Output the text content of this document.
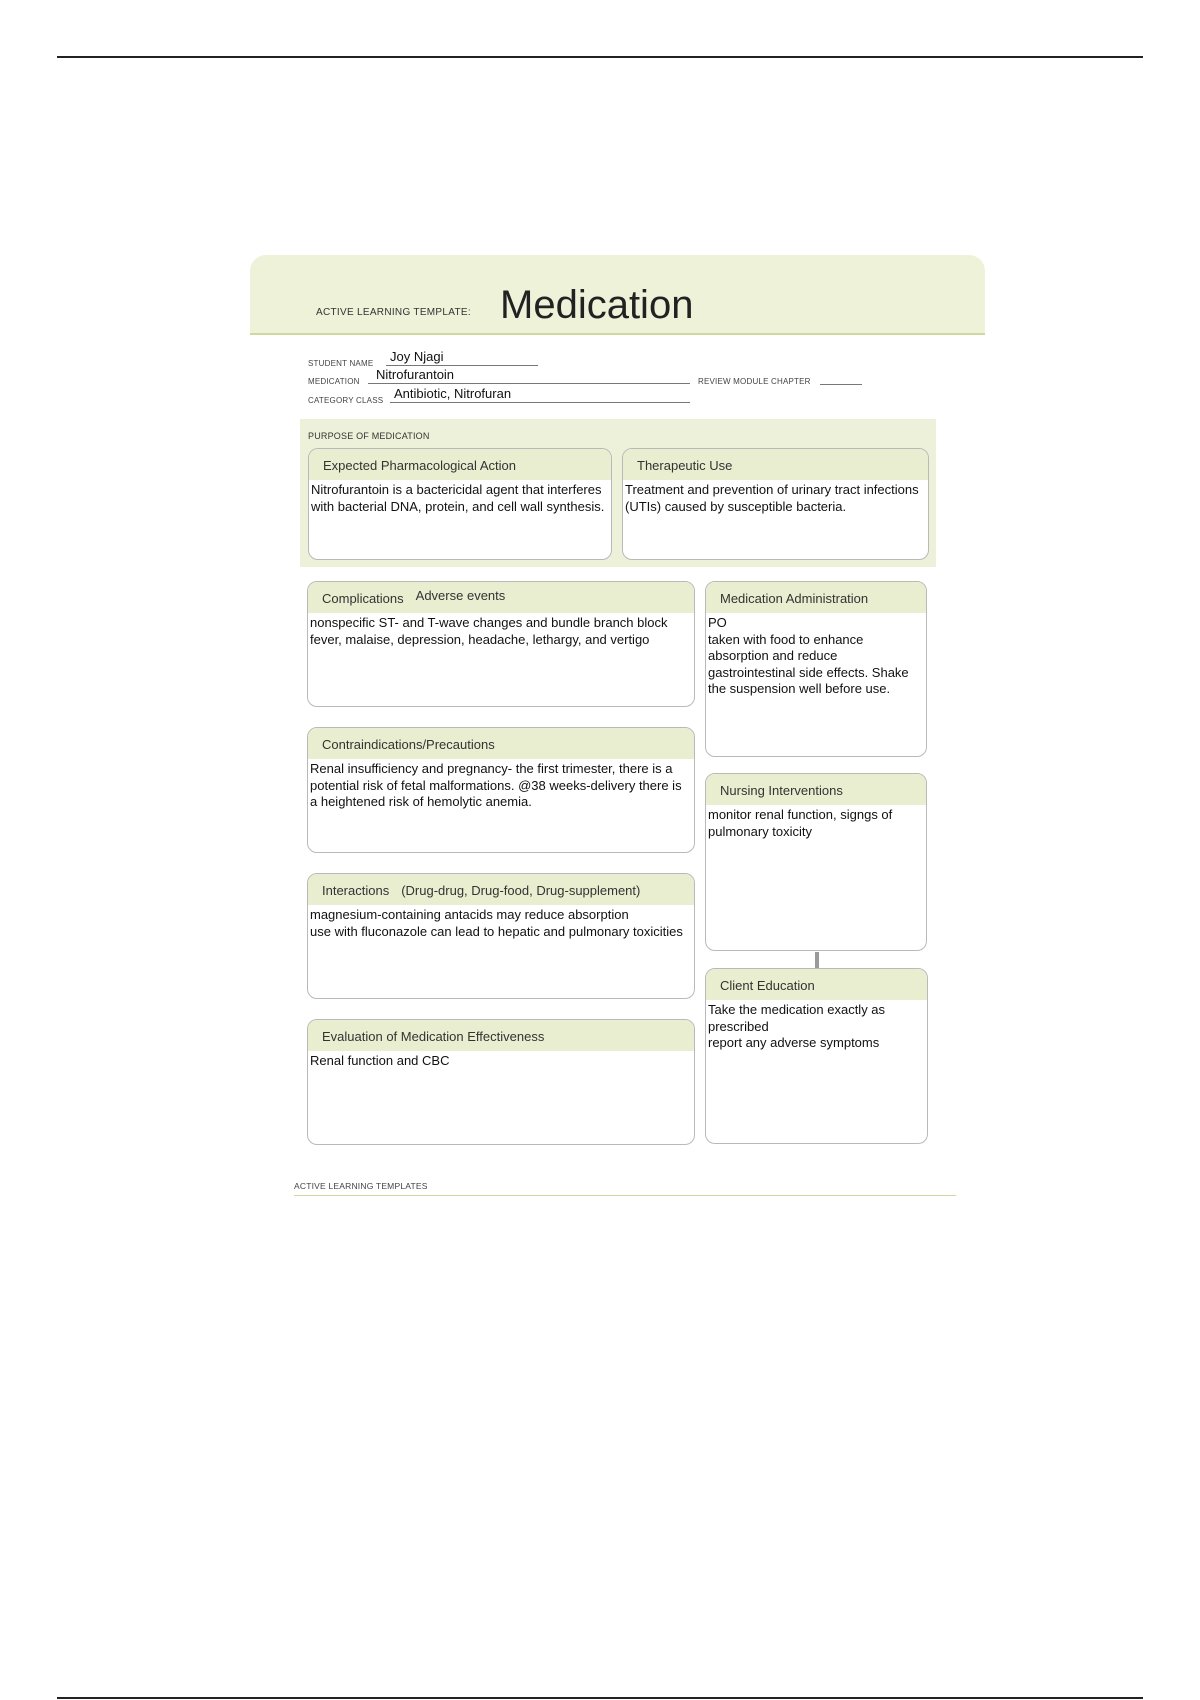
ACTIVE LEARNING TEMPLATE: Medication
STUDENT NAME Joy Njagi
MEDICATION Nitrofurantoin	REVIEW MODULE CHAPTER
CATEGORY CLASS Antibiotic, Nitrofuran
PURPOSE OF MEDICATION
Expected Pharmacological Action
Nitrofurantoin is a bactericidal agent that interferes with bacterial DNA, protein, and cell wall synthesis.
Therapeutic Use
Treatment and prevention of urinary tract infections (UTIs) caused by susceptible bacteria.
Complications Adverse events
nonspecific ST- and T-wave changes and bundle branch block
fever, malaise, depression, headache, lethargy, and vertigo
Contraindications/Precautions
Renal insufficiency and pregnancy- the first trimester, there is a potential risk of fetal malformations. @38 weeks-delivery there is a heightened risk of hemolytic anemia.
Interactions (Drug-drug, Drug-food, Drug-supplement)
magnesium-containing antacids may reduce absorption
use with fluconazole can lead to hepatic and pulmonary toxicities
Evaluation of Medication Effectiveness
Renal function and CBC
Medication Administration
PO
taken with food to enhance absorption and reduce gastrointestinal side effects. Shake the suspension well before use.
Nursing Interventions
monitor renal function, signgs of pulmonary toxicity
Client Education
Take the medication exactly as prescribed
report any adverse symptoms
ACTIVE LEARNING TEMPLATES
